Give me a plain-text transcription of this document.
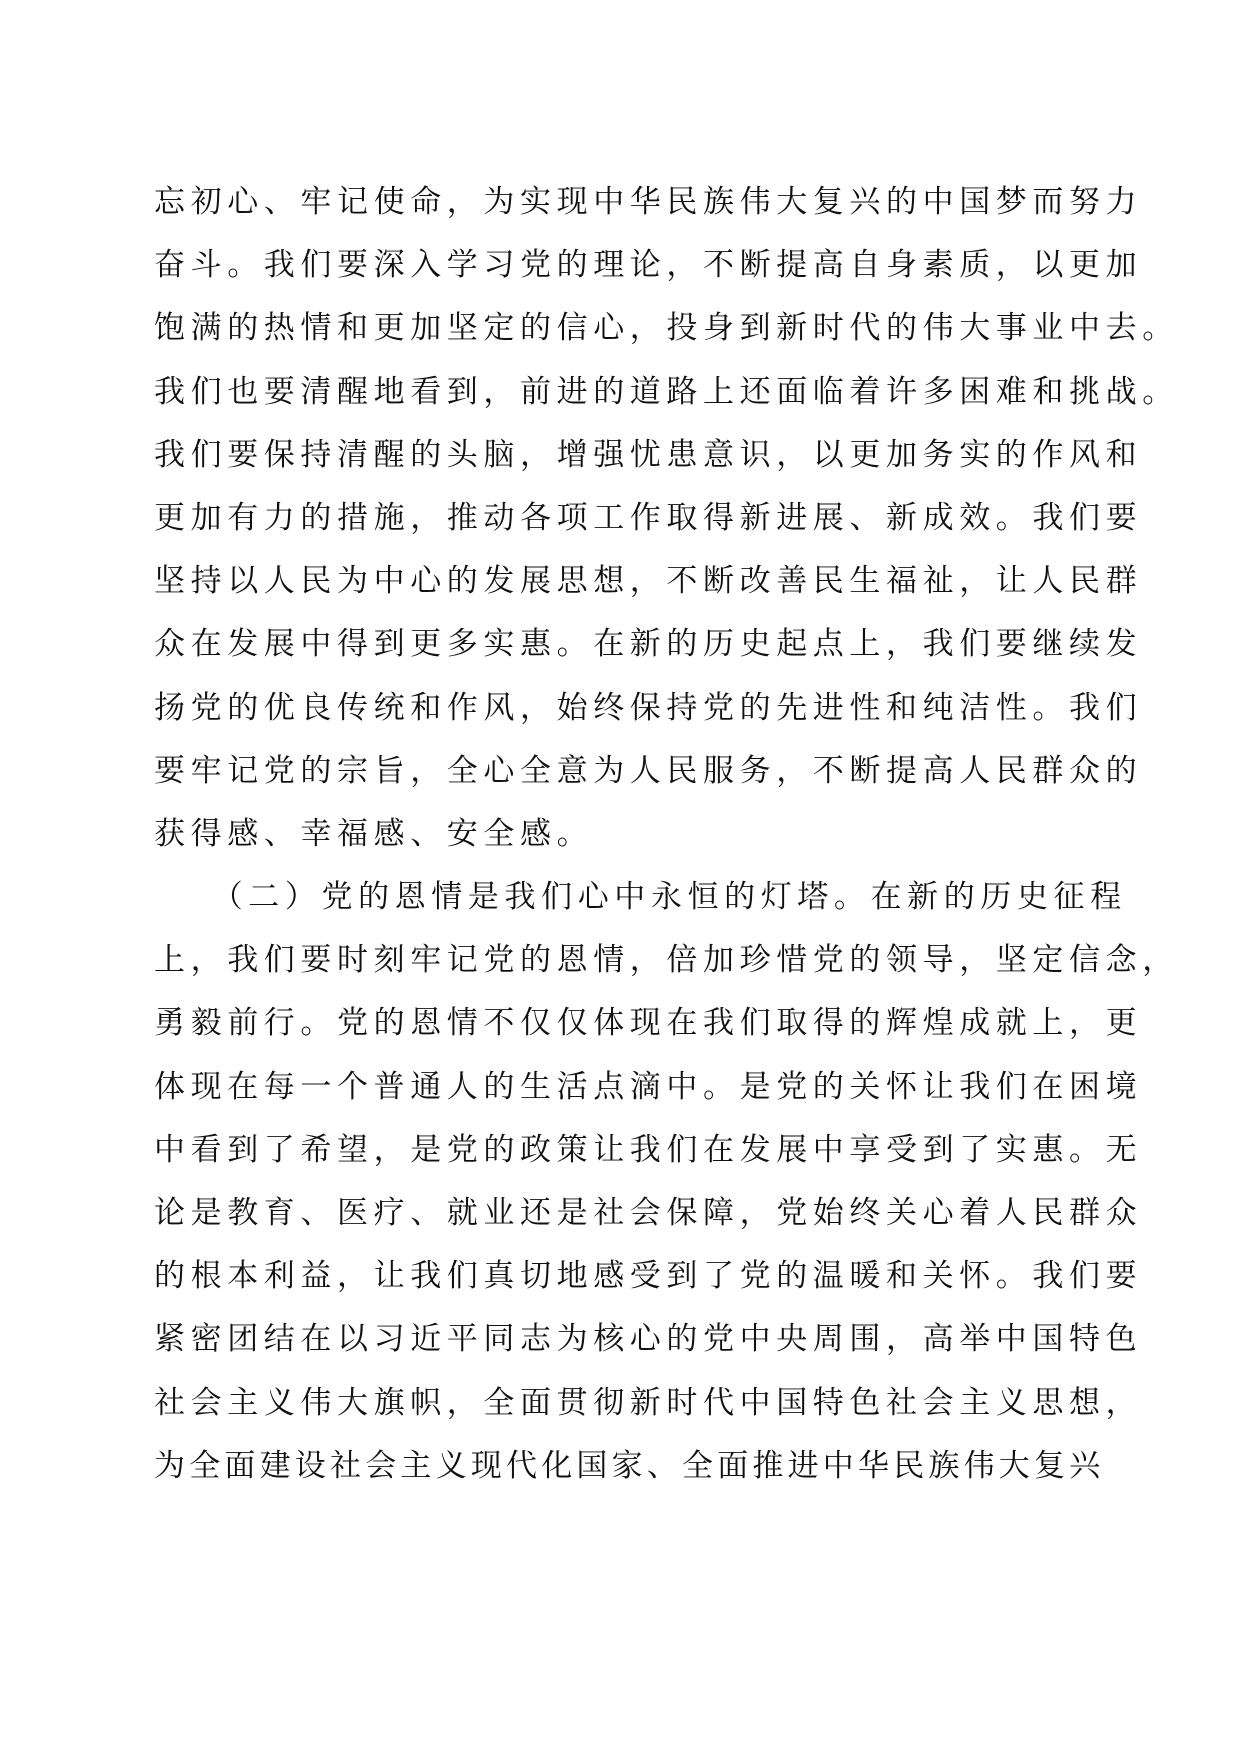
忘初心、牢记使命，为实现中华民族伟大复兴的中国梦而努力
奋斗。我们要深入学习党的理论，不断提高自身素质，以更加
饱满的热情和更加坚定的信心，投身到新时代的伟大事业中去。
我们也要清醒地看到，前进的道路上还面临着许多困难和挑战。
我们要保持清醒的头脑，增强忧患意识，以更加务实的作风和
更加有力的措施，推动各项工作取得新进展、新成效。我们要
坚持以人民为中心的发展思想，不断改善民生福祉，让人民群
众在发展中得到更多实惠。在新的历史起点上，我们要继续发
扬党的优良传统和作风，始终保持党的先进性和纯洁性。我们
要牢记党的宗旨，全心全意为人民服务，不断提高人民群众的
获得感、幸福感、安全感。
　　（二）党的恩情是我们心中永恒的灯塔。在新的历史征程
上，我们要时刻牢记党的恩情，倍加珍惜党的领导，坚定信念，
勇毅前行。党的恩情不仅仅体现在我们取得的辉煌成就上，更
体现在每一个普通人的生活点滴中。是党的关怀让我们在困境
中看到了希望，是党的政策让我们在发展中享受到了实惠。无
论是教育、医疗、就业还是社会保障，党始终关心着人民群众
的根本利益，让我们真切地感受到了党的温暖和关怀。我们要
紧密团结在以习近平同志为核心的党中央周围，高举中国特色
社会主义伟大旗帜，全面贯彻新时代中国特色社会主义思想，
为全面建设社会主义现代化国家、全面推进中华民族伟大复兴
